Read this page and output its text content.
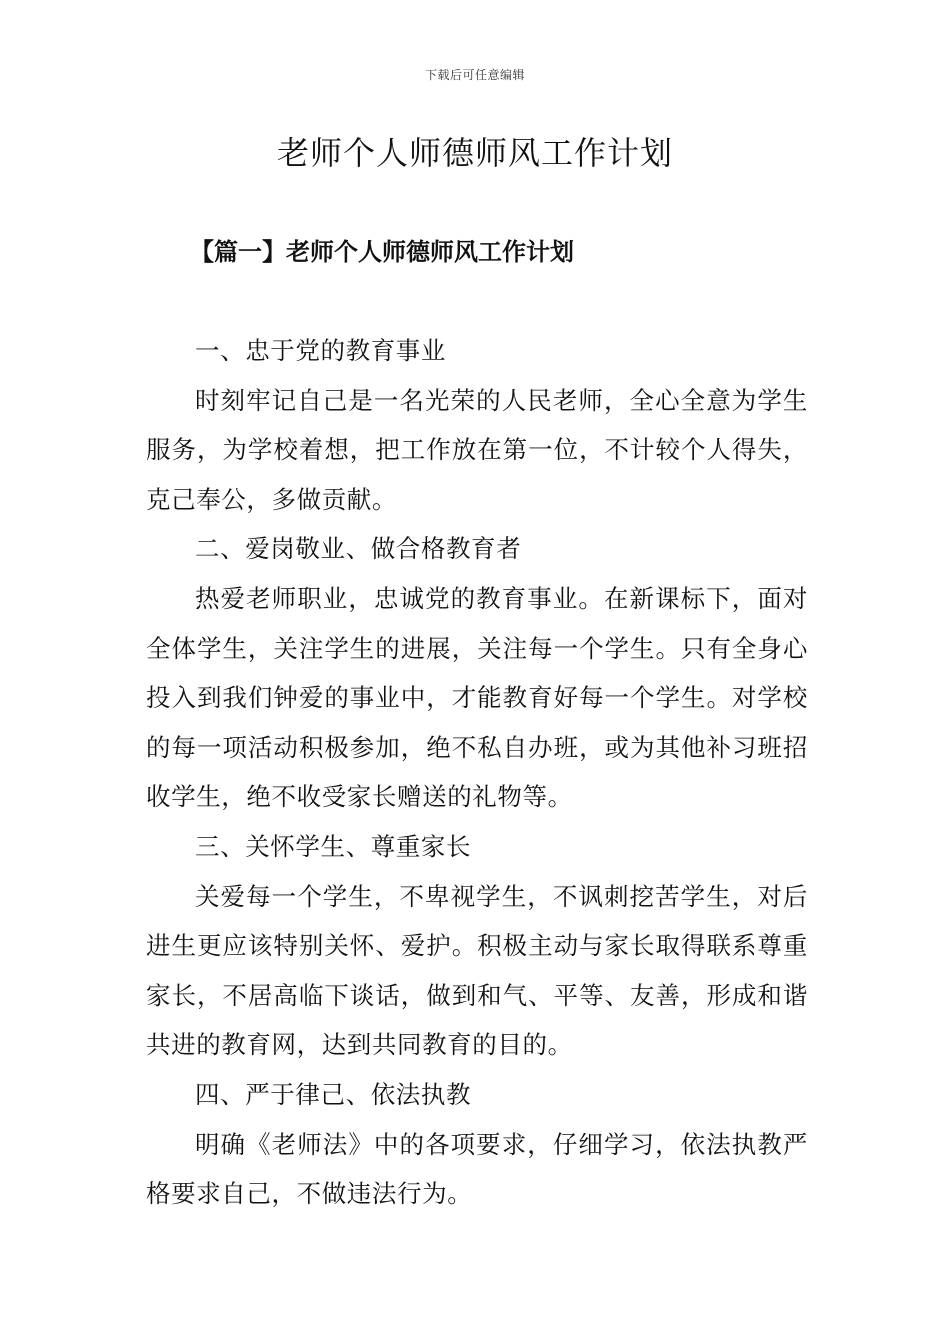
下载后可任意编辑
老师个人师德师风工作计划
【篇一】老师个人师德师风工作计划

一、忠于党的教育事业

时刻牢记自己是一名光荣的人民老师，全心全意为学生服务，为学校着想，把工作放在第一位，不计较个人得失，克己奉公，多做贡献。

二、爱岗敬业、做合格教育者

热爱老师职业，忠诚党的教育事业。在新课标下，面对全体学生，关注学生的进展，关注每一个学生。只有全身心投入到我们钟爱的事业中，才能教育好每一个学生。对学校的每一项活动积极参加，绝不私自办班，或为其他补习班招收学生，绝不收受家长赠送的礼物等。

三、关怀学生、尊重家长

关爱每一个学生，不卑视学生，不讽刺挖苦学生，对后进生更应该特别关怀、爱护。积极主动与家长取得联系尊重家长，不居高临下谈话，做到和气、平等、友善，形成和谐共进的教育网，达到共同教育的目的。

四、严于律己、依法执教

明确《老师法》中的各项要求，仔细学习，依法执教严格要求自己，不做违法行为。
